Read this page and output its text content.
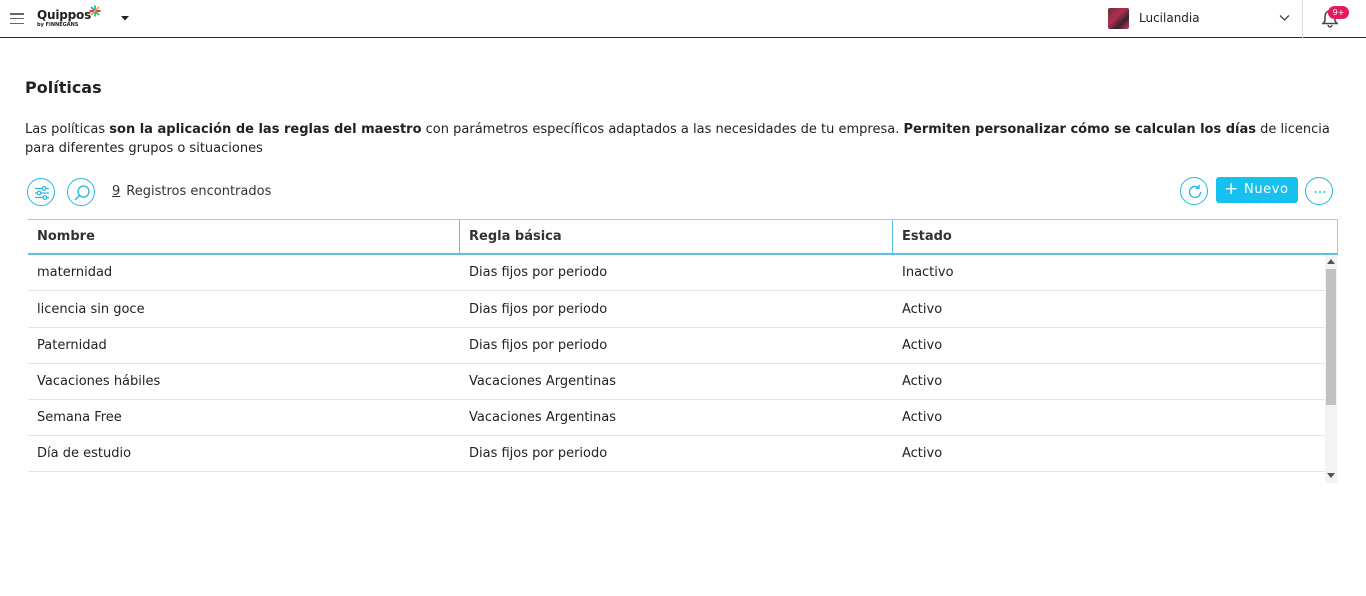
Quippos
by FINNEGANS	Lucilandia	9+
Políticas

Las políticas son la aplicación de las reglas del maestro con parámetros específicos adaptados a las necesidades de tu empresa. Permiten personalizar cómo se calculan los días de licencia para diferentes grupos o situaciones

9 Registros encontrados	+ Nuevo
Nombre	Regla básica	Estado
maternidad	Dias fijos por periodo	Inactivo
licencia sin goce	Dias fijos por periodo	Activo
Paternidad	Dias fijos por periodo	Activo
Vacaciones hábiles	Vacaciones Argentinas	Activo
Semana Free	Vacaciones Argentinas	Activo
Día de estudio	Dias fijos por periodo	Activo
